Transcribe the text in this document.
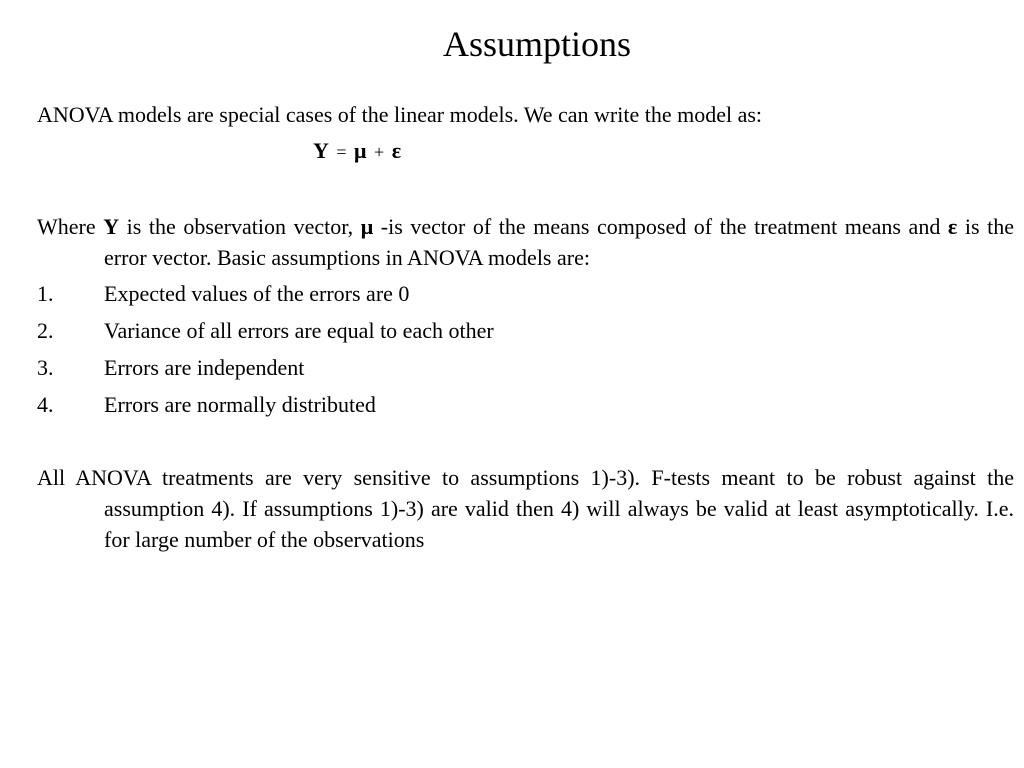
Assumptions
ANOVA models are special cases of the linear models. We can write the model as:
Y = μ + ε
Where Y is the observation vector, μ -is vector of the means composed of the treatment means and ε is the error vector. Basic assumptions in ANOVA models are:
1. Expected values of the errors are 0
2. Variance of all errors are equal to each other
3. Errors are independent
4. Errors are normally distributed
All ANOVA treatments are very sensitive to assumptions 1)-3). F-tests meant to be robust against the assumption 4). If assumptions 1)-3) are valid then 4) will always be valid at least asymptotically. I.e. for large number of the observations
